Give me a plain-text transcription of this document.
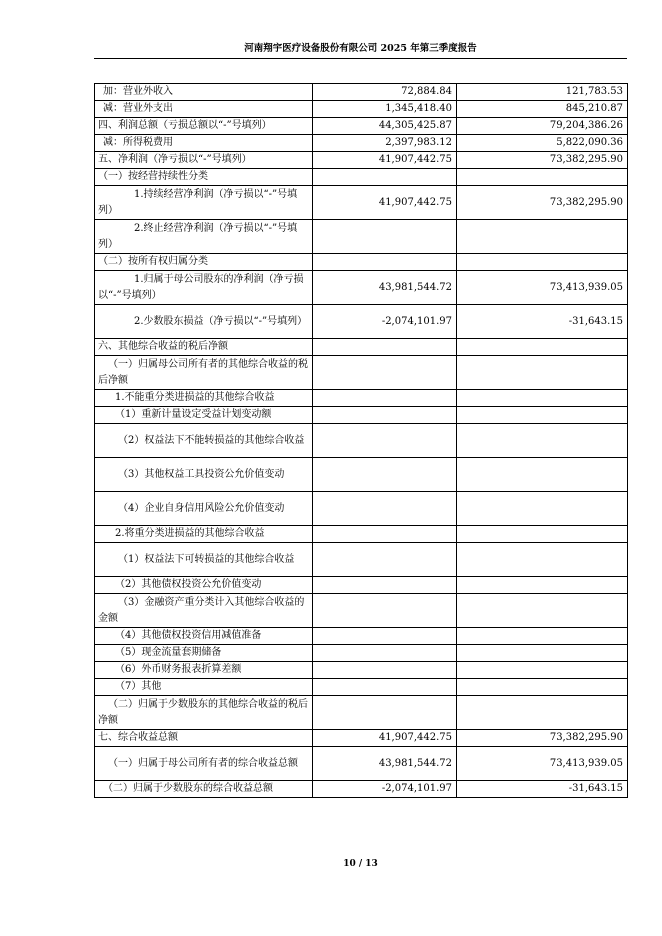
河南翔宇医疗设备股份有限公司 2025 年第三季度报告
加：营业外收入	72,884.84	121,783.53
减：营业外支出	1,345,418.40	845,210.87
四、利润总额（亏损总额以“-”号填列）	44,305,425.87	79,204,386.26
减：所得税费用	2,397,983.12	5,822,090.36
五、净利润（净亏损以“-”号填列）	41,907,442.75	73,382,295.90
（一）按经营持续性分类		
1.持续经营净利润（净亏损以“-”号填列）	41,907,442.75	73,382,295.90
2.终止经营净利润（净亏损以“-”号填列）		
（二）按所有权归属分类		
1.归属于母公司股东的净利润（净亏损以“-”号填列）	43,981,544.72	73,413,939.05
2.少数股东损益（净亏损以“-”号填列）	-2,074,101.97	-31,643.15
六、其他综合收益的税后净额		
（一）归属母公司所有者的其他综合收益的税后净额		
1.不能重分类进损益的其他综合收益		
（1）重新计量设定受益计划变动额		
（2）权益法下不能转损益的其他综合收益		
（3）其他权益工具投资公允价值变动		
（4）企业自身信用风险公允价值变动		
2.将重分类进损益的其他综合收益		
（1）权益法下可转损益的其他综合收益		
（2）其他债权投资公允价值变动		
（3）金融资产重分类计入其他综合收益的金额		
（4）其他债权投资信用减值准备		
（5）现金流量套期储备		
（6）外币财务报表折算差额		
（7）其他		
（二）归属于少数股东的其他综合收益的税后净额		
七、综合收益总额	41,907,442.75	73,382,295.90
（一）归属于母公司所有者的综合收益总额	43,981,544.72	73,413,939.05
（二）归属于少数股东的综合收益总额	-2,074,101.97	-31,643.15
10 / 13
